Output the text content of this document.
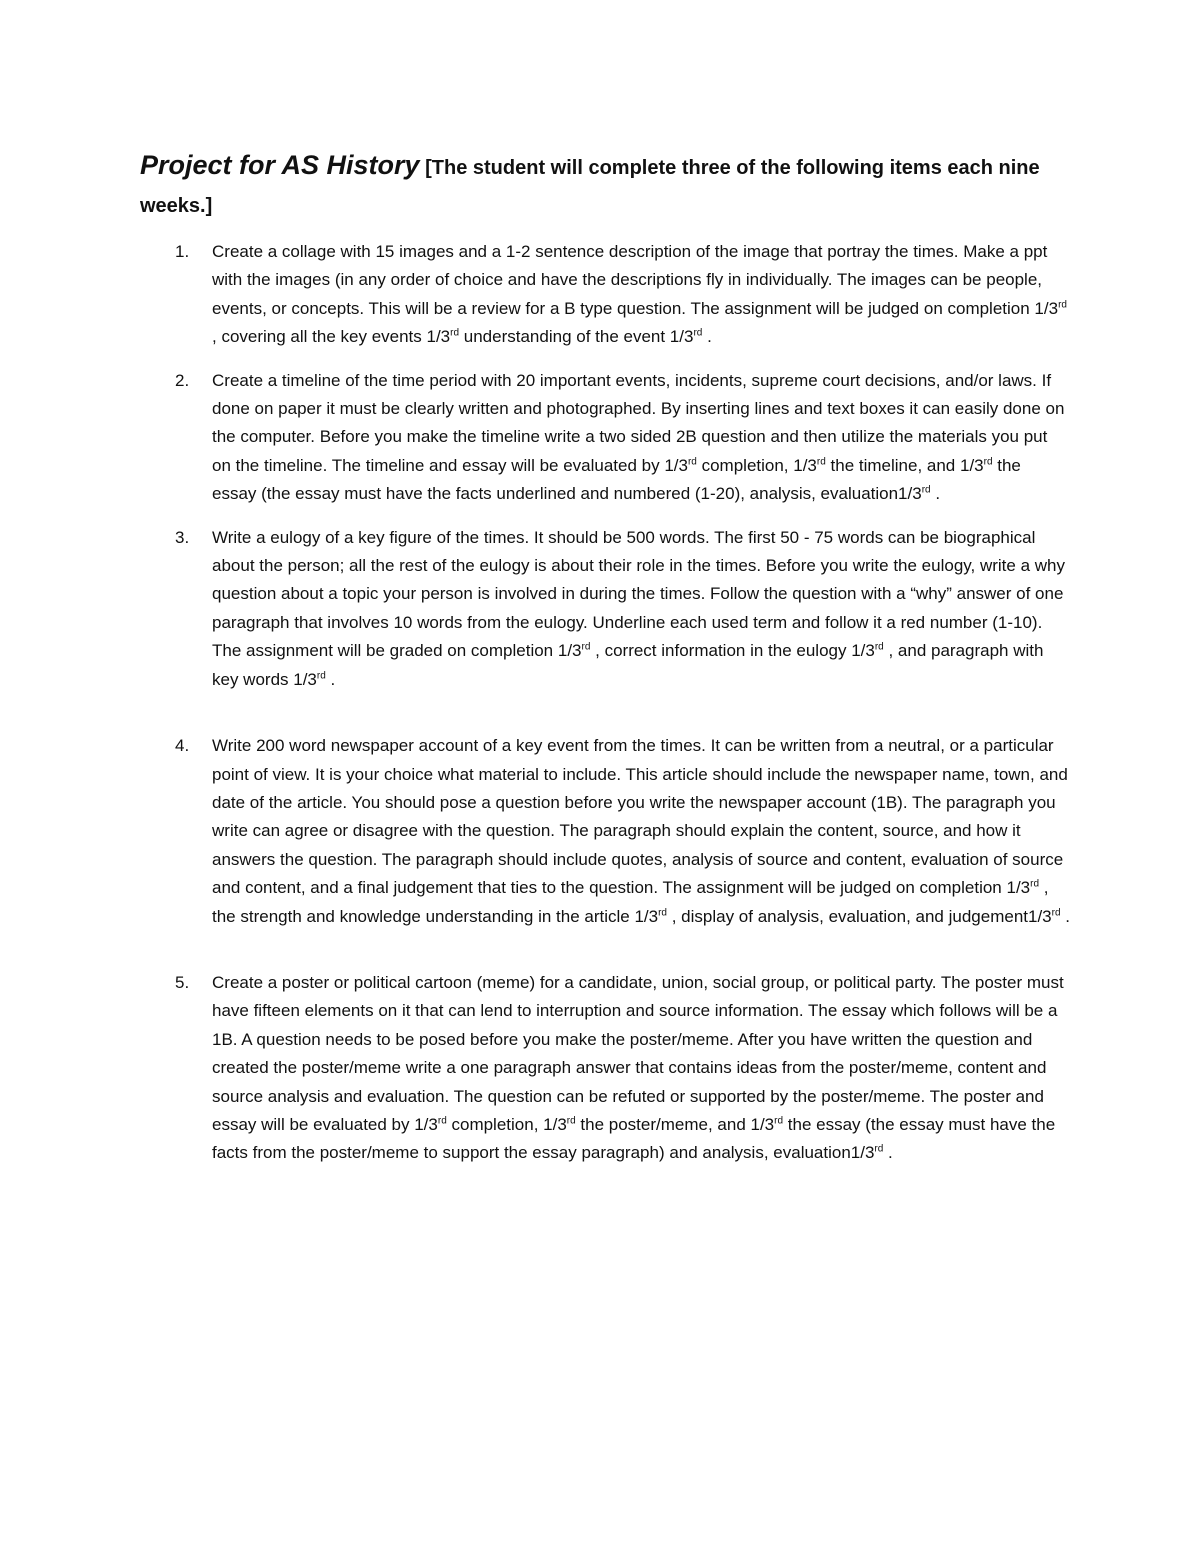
Project for AS History [The student will complete three of the following items each nine weeks.]
1. Create a collage with 15 images and a 1-2 sentence description of the image that portray the times. Make a ppt with the images (in any order of choice and have the descriptions fly in individually. The images can be people, events, or concepts. This will be a review for a B type question. The assignment will be judged on completion 1/3rd , covering all the key events 1/3rd understanding of the event 1/3rd .
2. Create a timeline of the time period with 20 important events, incidents, supreme court decisions, and/or laws. If done on paper it must be clearly written and photographed. By inserting lines and text boxes it can easily done on the computer. Before you make the timeline write a two sided 2B question and then utilize the materials you put on the timeline. The timeline and essay will be evaluated by 1/3rd completion, 1/3rd the timeline, and 1/3rd the essay (the essay must have the facts underlined and numbered (1-20), analysis, evaluation1/3rd .
3. Write a eulogy of a key figure of the times. It should be 500 words. The first 50 - 75 words can be biographical about the person; all the rest of the eulogy is about their role in the times. Before you write the eulogy, write a why question about a topic your person is involved in during the times. Follow the question with a “why” answer of one paragraph that involves 10 words from the eulogy. Underline each used term and follow it a red number (1-10). The assignment will be graded on completion 1/3rd , correct information in the eulogy 1/3rd , and paragraph with key words 1/3rd .
4. Write 200 word newspaper account of a key event from the times. It can be written from a neutral, or a particular point of view. It is your choice what material to include. This article should include the newspaper name, town, and date of the article. You should pose a question before you write the newspaper account (1B). The paragraph you write can agree or disagree with the question. The paragraph should explain the content, source, and how it answers the question. The paragraph should include quotes, analysis of source and content, evaluation of source and content, and a final judgement that ties to the question. The assignment will be judged on completion 1/3rd , the strength and knowledge understanding in the article 1/3rd , display of analysis, evaluation, and judgement1/3rd .
5. Create a poster or political cartoon (meme) for a candidate, union, social group, or political party. The poster must have fifteen elements on it that can lend to interruption and source information. The essay which follows will be a 1B. A question needs to be posed before you make the poster/meme. After you have written the question and created the poster/meme write a one paragraph answer that contains ideas from the poster/meme, content and source analysis and evaluation. The question can be refuted or supported by the poster/meme. The poster and essay will be evaluated by 1/3rd completion, 1/3rd the poster/meme, and 1/3rd the essay (the essay must have the facts from the poster/meme to support the essay paragraph) and analysis, evaluation1/3rd .
